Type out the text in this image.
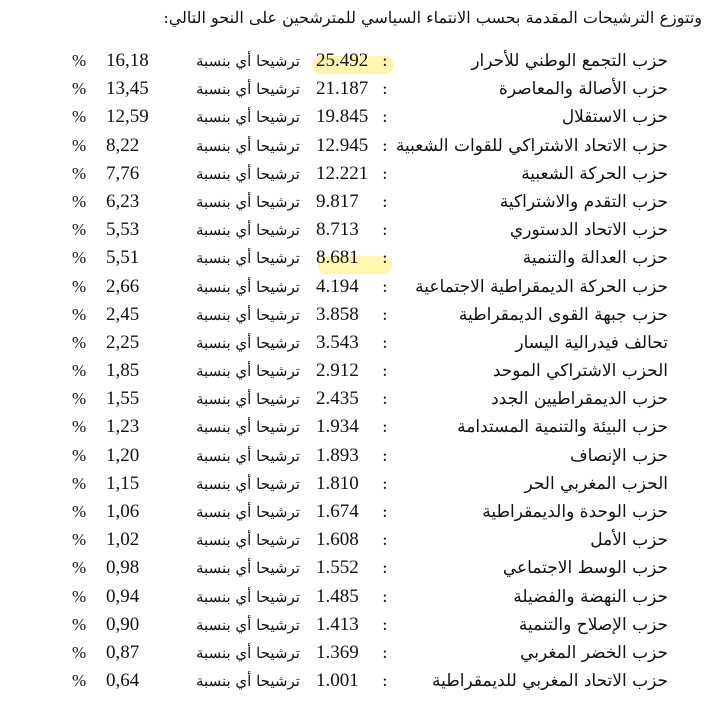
وتتوزع الترشيحات المقدمة بحسب الانتماء السياسي للمترشحين على النحو التالي:
حزب التجمع الوطني للأحرار
:
25.492
ترشيحا أي بنسبة
16,18
%
حزب الأصالة والمعاصرة
:
21.187
ترشيحا أي بنسبة
13,45
%
حزب الاستقلال
:
19.845
ترشيحا أي بنسبة
12,59
%
حزب الاتحاد الاشتراكي للقوات الشعبية
:
12.945
ترشيحا أي بنسبة
8,22
%
حزب الحركة الشعبية
:
12.221
ترشيحا أي بنسبة
7,76
%
حزب التقدم والاشتراكية
:
9.817
ترشيحا أي بنسبة
6,23
%
حزب الاتحاد الدستوري
:
8.713
ترشيحا أي بنسبة
5,53
%
حزب العدالة والتنمية
:
8.681
ترشيحا أي بنسبة
5,51
%
حزب الحركة الديمقراطية الاجتماعية
:
4.194
ترشيحا أي بنسبة
2,66
%
حزب جبهة القوى الديمقراطية
:
3.858
ترشيحا أي بنسبة
2,45
%
تحالف فيدرالية اليسار
:
3.543
ترشيحا أي بنسبة
2,25
%
الحزب الاشتراكي الموحد
:
2.912
ترشيحا أي بنسبة
1,85
%
حزب الديمقراطيين الجدد
:
2.435
ترشيحا أي بنسبة
1,55
%
حزب البيئة والتنمية المستدامة
:
1.934
ترشيحا أي بنسبة
1,23
%
حزب الإنصاف
:
1.893
ترشيحا أي بنسبة
1,20
%
الحزب المغربي الحر
:
1.810
ترشيحا أي بنسبة
1,15
%
حزب الوحدة والديمقراطية
:
1.674
ترشيحا أي بنسبة
1,06
%
حزب الأمل
:
1.608
ترشيحا أي بنسبة
1,02
%
حزب الوسط الاجتماعي
:
1.552
ترشيحا أي بنسبة
0,98
%
حزب النهضة والفضيلة
:
1.485
ترشيحا أي بنسبة
0,94
%
حزب الإصلاح والتنمية
:
1.413
ترشيحا أي بنسبة
0,90
%
حزب الخضر المغربي
:
1.369
ترشيحا أي بنسبة
0,87
%
حزب الاتحاد المغربي للديمقراطية
:
1.001
ترشيحا أي بنسبة
0,64
%
